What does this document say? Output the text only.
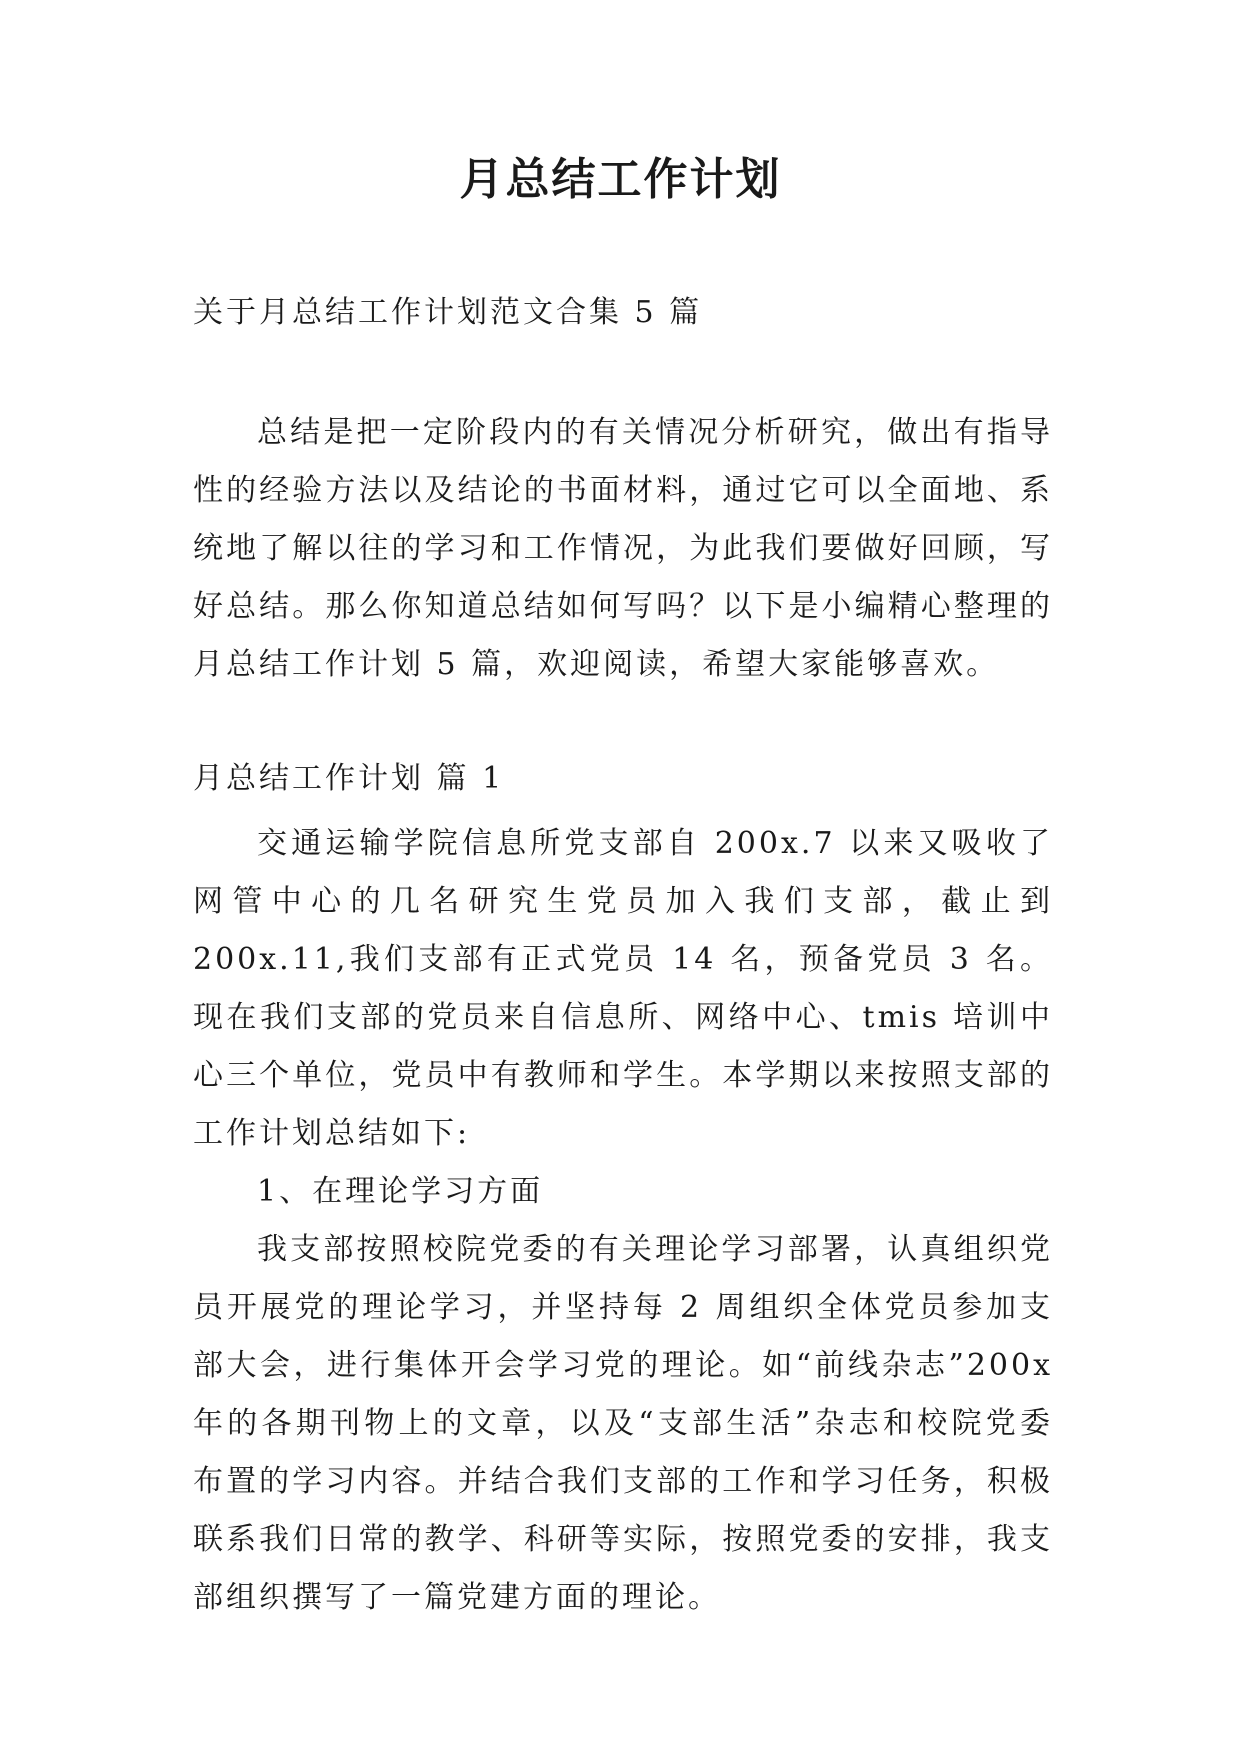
月总结工作计划
关于月总结工作计划范文合集 5 篇

总结是把一定阶段内的有关情况分析研究，做出有指导性的经验方法以及结论的书面材料，通过它可以全面地、系统地了解以往的学习和工作情况，为此我们要做好回顾，写好总结。那么你知道总结如何写吗？以下是小编精心整理的月总结工作计划 5 篇，欢迎阅读，希望大家能够喜欢。

月总结工作计划 篇 1

交通运输学院信息所党支部自 200x.7 以来又吸收了网管中心的几名研究生党员加入我们支部，截止到 200x.11,我们支部有正式党员 14 名，预备党员 3 名。现在我们支部的党员来自信息所、网络中心、tmis 培训中心三个单位，党员中有教师和学生。本学期以来按照支部的工作计划总结如下:

1、在理论学习方面

我支部按照校院党委的有关理论学习部署，认真组织党员开展党的理论学习，并坚持每 2 周组织全体党员参加支部大会，进行集体开会学习党的理论。如“前线杂志”200x 年的各期刊物上的文章，以及“支部生活”杂志和校院党委布置的学习内容。并结合我们支部的工作和学习任务，积极联系我们日常的教学、科研等实际，按照党委的安排，我支部组织撰写了一篇党建方面的理论。
